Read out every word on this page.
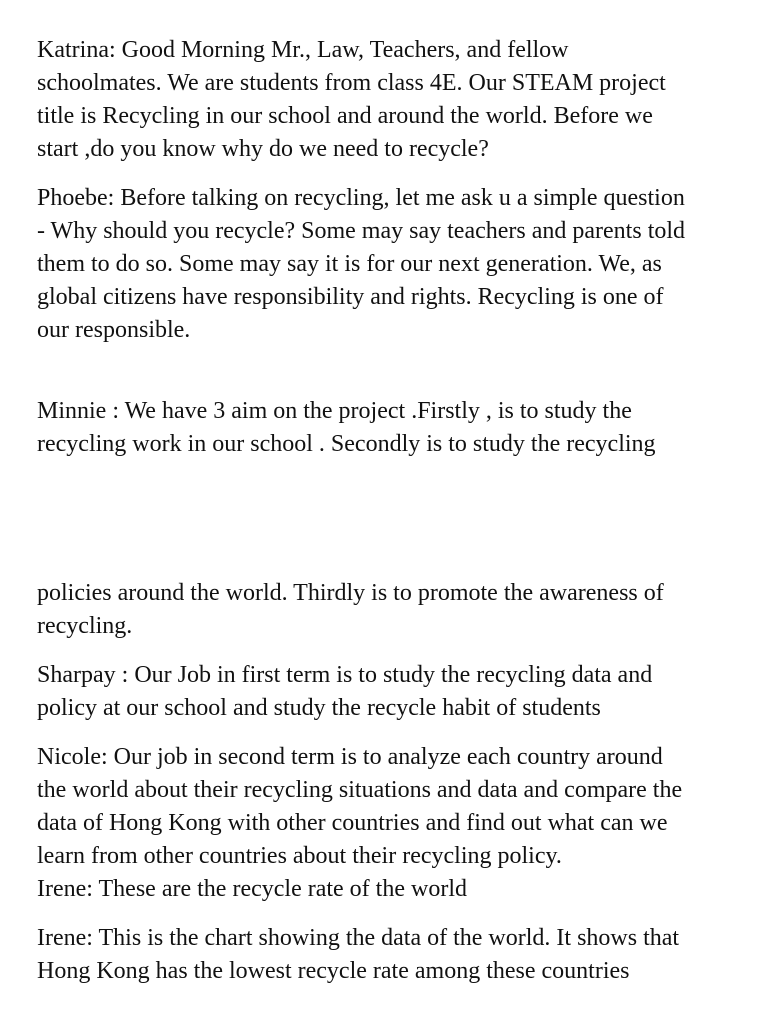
Katrina: Good Morning Mr., Law, Teachers, and fellow
schoolmates. We are students from class 4E. Our STEAM project
title is Recycling in our school and around the world. Before we
start ,do you know why do we need to recycle?

Phoebe: Before talking on recycling, let me ask u a simple question
- Why should you recycle? Some may say teachers and parents told
them to do so. Some may say it is for our next generation. We, as
global citizens have responsibility and rights. Recycling is one of
our responsible.

Minnie : We have 3 aim on the project .Firstly , is to study the
recycling work in our school . Secondly is to study the recycling

policies around the world. Thirdly is to promote the awareness of
recycling.

Sharpay : Our Job in first term is to study the recycling data and
policy at our school and study the recycle habit of students

Nicole: Our job in second term is to analyze each country around
the world about their recycling situations and data and compare the
data of Hong Kong with other countries and find out what can we
learn from other countries about their recycling policy.
Irene: These are the recycle rate of the world

Irene: This is the chart showing the data of the world. It shows that
Hong Kong has the lowest recycle rate among these countries
